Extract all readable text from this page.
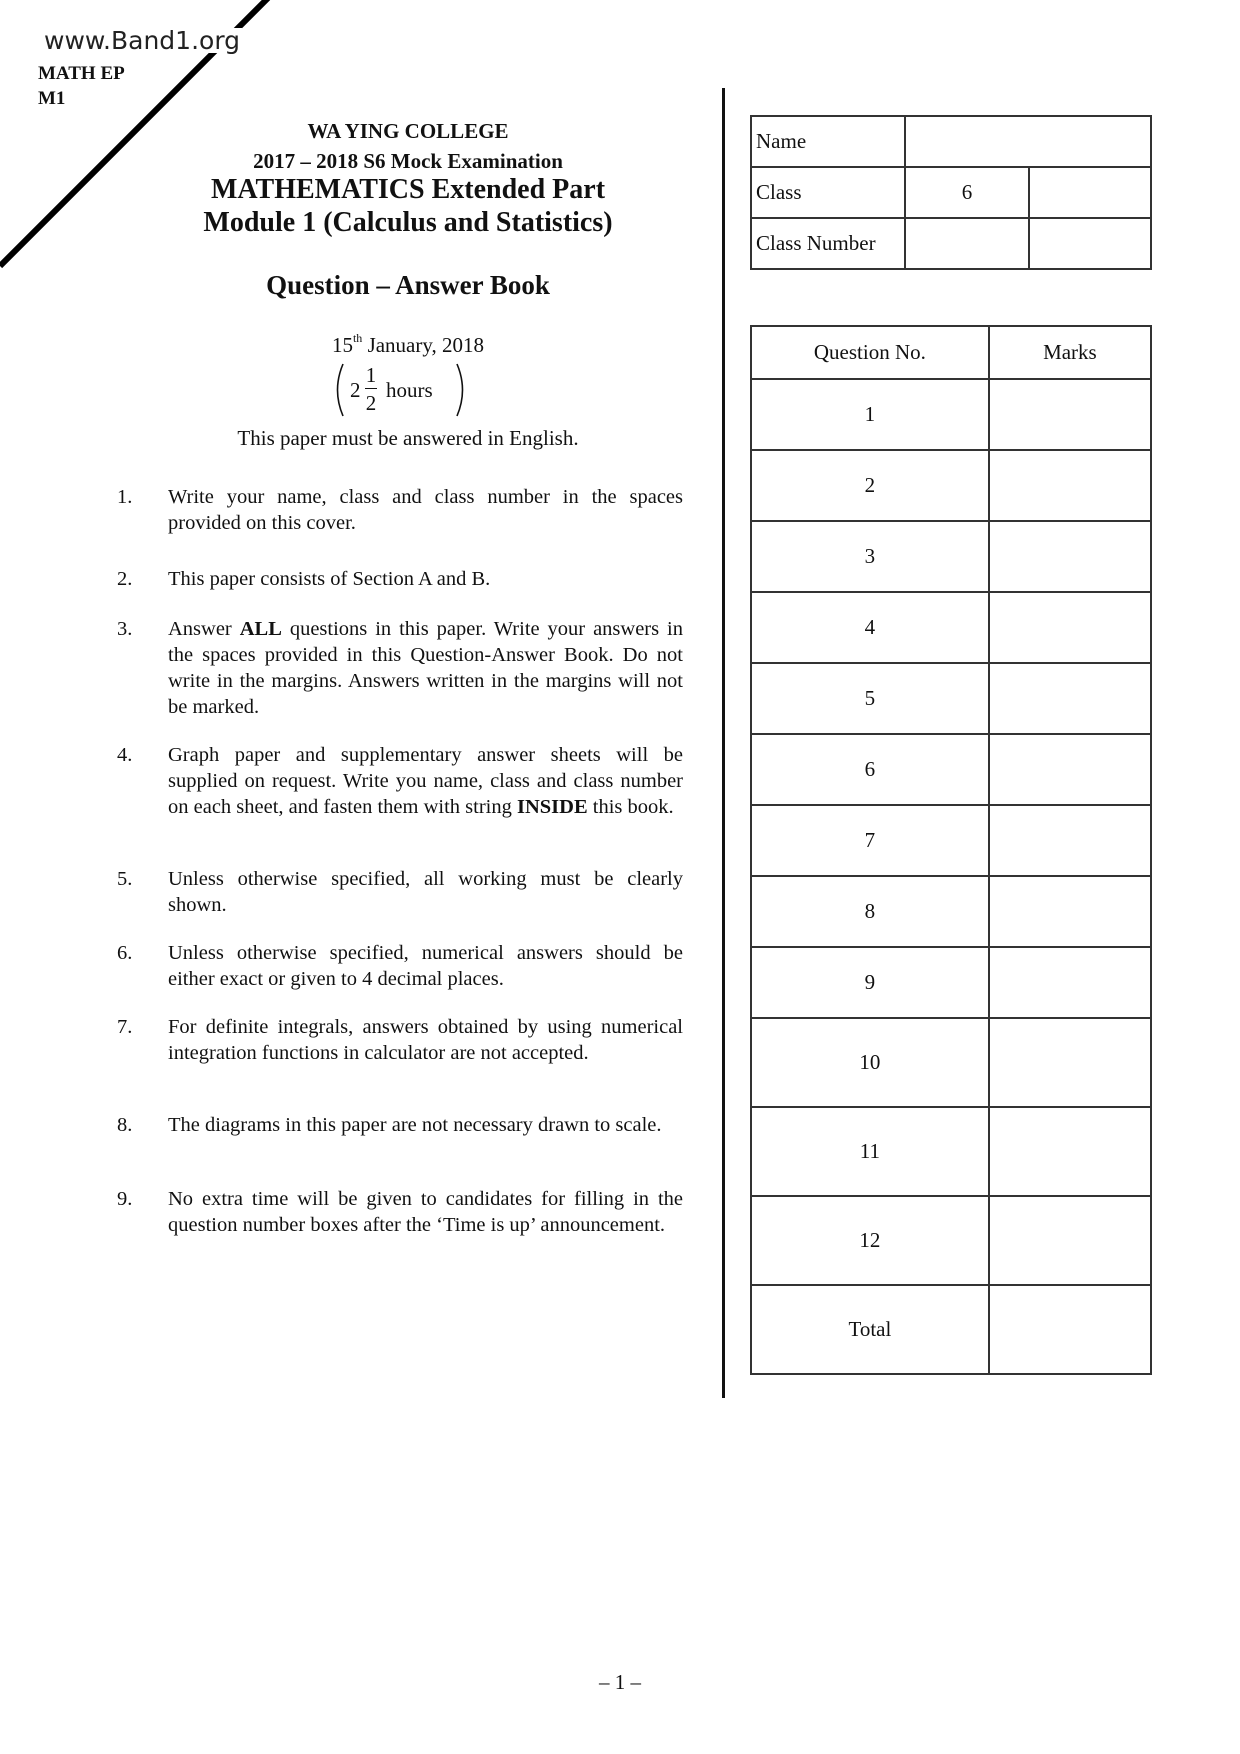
www.Band1.org
MATH EP
M1
WA YING COLLEGE
2017 – 2018 S6 Mock Examination
MATHEMATICS Extended Part
Module 1 (Calculus and Statistics)
Question – Answer Book
15th January, 2018
2
1
2
hours
This paper must be answered in English.
1. Write your name, class and class number in the spaces provided on this cover.
2. This paper consists of Section A and B.
3. Answer ALL questions in this paper. Write your answers in the spaces provided in this Question-Answer Book. Do not write in the margins. Answers written in the margins will not be marked.
4. Graph paper and supplementary answer sheets will be supplied on request. Write you name, class and class number on each sheet, and fasten them with string INSIDE this book.
5. Unless otherwise specified, all working must be clearly shown.
6. Unless otherwise specified, numerical answers should be either exact or given to 4 decimal places.
7. For definite integrals, answers obtained by using numerical integration functions in calculator are not accepted.
8. The diagrams in this paper are not necessary drawn to scale.
9. No extra time will be given to candidates for filling in the question number boxes after the ‘Time is up’ announcement.
Name		
Class	6	
Class Number		
Question No.	Marks
1	
2	
3	
4	
5	
6	
7	
8	
9	
10	
11	
12	
Total	
– 1 –
